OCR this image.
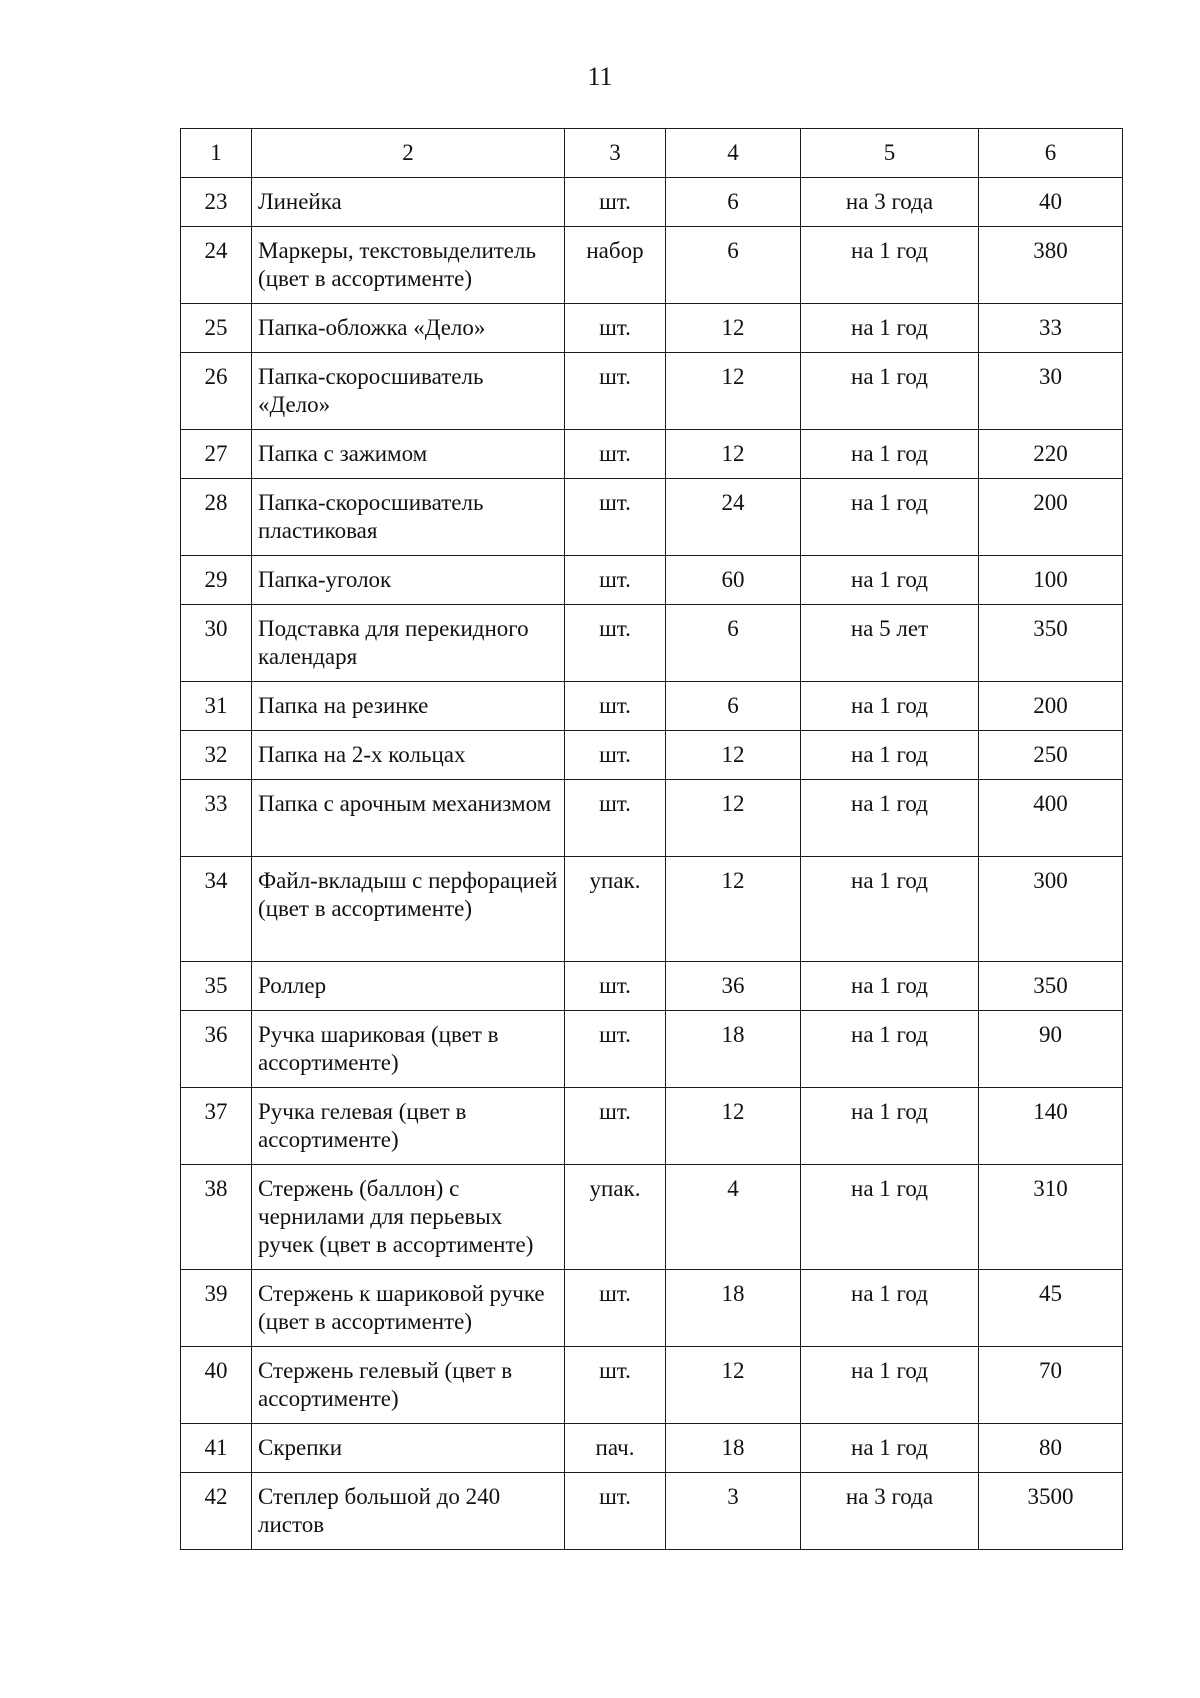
11
1	2	3	4	5	6
23	Линейка	шт.	6	на 3 года	40
24	Маркеры, текстовыделитель (цвет в ассортименте)	набор	6	на 1 год	380
25	Папка-обложка «Дело»	шт.	12	на 1 год	33
26	Папка-скоросшиватель «Дело»	шт.	12	на 1 год	30
27	Папка с зажимом	шт.	12	на 1 год	220
28	Папка-скоросшиватель пластиковая	шт.	24	на 1 год	200
29	Папка-уголок	шт.	60	на 1 год	100
30	Подставка для перекидного календаря	шт.	6	на 5 лет	350
31	Папка на резинке	шт.	6	на 1 год	200
32	Папка на 2-х кольцах	шт.	12	на 1 год	250
33	Папка с арочным механизмом	шт.	12	на 1 год	400
34	Файл-вкладыш с перфорацией (цвет в ассортименте)	упак.	12	на 1 год	300
35	Роллер	шт.	36	на 1 год	350
36	Ручка шариковая (цвет в ассортименте)	шт.	18	на 1 год	90
37	Ручка гелевая (цвет в ассортименте)	шт.	12	на 1 год	140
38	Стержень (баллон) с чернилами для перьевых ручек (цвет в ассортименте)	упак.	4	на 1 год	310
39	Стержень к шариковой ручке (цвет в ассортименте)	шт.	18	на 1 год	45
40	Стержень гелевый (цвет в ассортименте)	шт.	12	на 1 год	70
41	Скрепки	пач.	18	на 1 год	80
42	Степлер большой до 240 листов	шт.	3	на 3 года	3500
